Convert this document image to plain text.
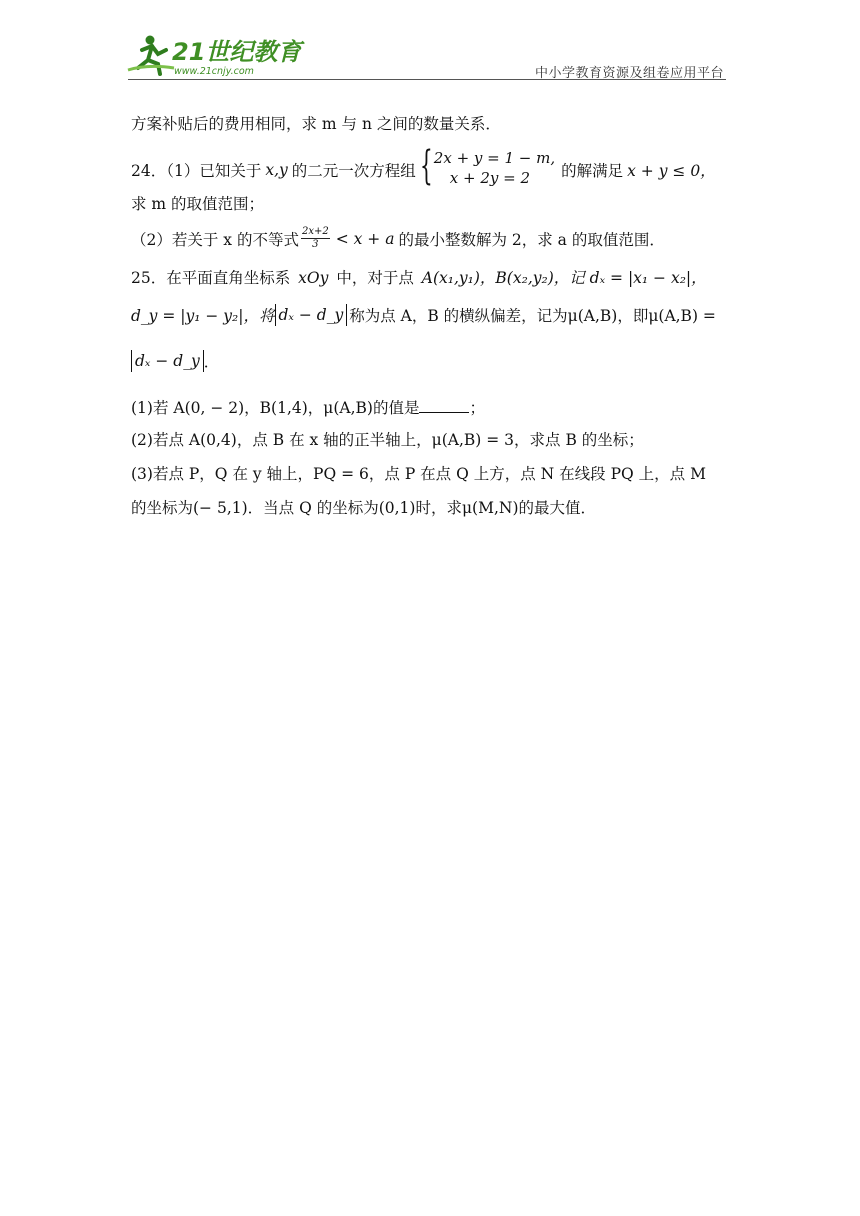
21世纪教育
www.21cnjy.com	中小学教育资源及组卷应用平台
方案补贴后的费用相同，求 m 与 n 之间的数量关系．
24．（1）已知关于 x,y 的二元一次方程组 { 2x + y = 1 − m,
x + 2y = 2	的解满足 x + y ≤ 0，
求 m 的取值范围；
（2）若关于 x 的不等式 $\frac{2x+2}{3} < x + a$ 的最小整数解为 2，求 a 的取值范围．
25．在平面直角坐标系 xOy 中，对于点 A(x₁,y₁)，B(x₂,y₂)，记 dₓ = |x₁ − x₂|，
d_y = |y₁ − y₂|，将 dₓ − d_y 称为点 A，B 的横纵偏差，记为μ(A,B)，即μ(A,B) =
dₓ − d_y ．
(1)若 A(0, − 2)，B(1,4)，μ(A,B)的值是	；
(2)若点 A(0,4)，点 B 在 x 轴的正半轴上，μ(A,B) = 3，求点 B 的坐标；
(3)若点 P，Q 在 y 轴上，PQ = 6，点 P 在点 Q 上方，点 N 在线段 PQ 上，点 M
的坐标为(− 5,1)．当点 Q 的坐标为(0,1)时，求μ(M,N)的最大值．
